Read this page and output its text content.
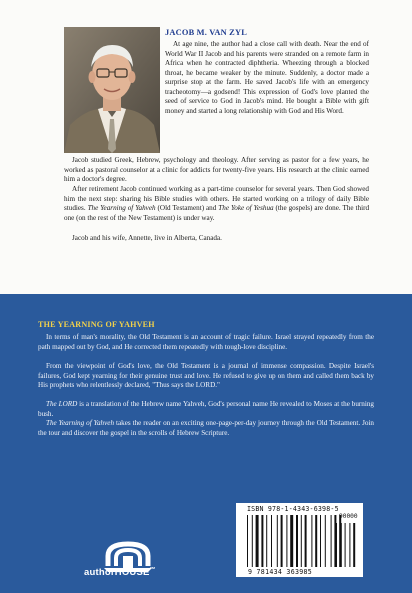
JACOB M. VAN ZYL

At age nine, the author had a close call with death. Near the end of World War II Jacob and his parents were stranded on a remote farm in Africa when he contracted diphtheria. Wheezing through a blocked throat, he became weaker by the minute. Suddenly, a doctor made a surprise stop at the farm. He saved Jacob's life with an emergency tracheotomy—a godsend! This expression of God's love planted the seed of service to God in Jacob's mind. He bought a Bible with gift money and started a long relationship with God and His Word.

Jacob studied Greek, Hebrew, psychology and theology. After serving as pastor for a few years, he worked as pastoral counselor at a clinic for addicts for twenty-five years. His research at the clinic earned him a doctor's degree.

After retirement Jacob continued working as a part-time counselor for several years. Then God showed him the next step: sharing his Bible studies with others. He started working on a trilogy of daily Bible studies. The Yearning of Yahveh (Old Testament) and The Yoke of Yeshua (the gospels) are done. The third one (on the rest of the New Testament) is under way.

Jacob and his wife, Annette, live in Alberta, Canada.

THE YEARNING OF YAHVEH

In terms of man's morality, the Old Testament is an account of tragic failure. Israel strayed repeatedly from the path mapped out by God, and He corrected them repeatedly with tough-love discipline.

From the viewpoint of God's love, the Old Testament is a journal of immense compassion. Despite Israel's failures, God kept yearning for their genuine trust and love. He refused to give up on them and called them back by His prophets who relentlessly declared, "Thus says the LORD."

The LORD is a translation of the Hebrew name Yahveh, God's personal name He revealed to Moses at the burning bush.

The Yearning of Yahveh takes the reader on an exciting one-page-per-day journey through the Old Testament. Join the tour and discover the gospel in the scrolls of Hebrew Scripture.

authorHOUSE™
ISBN 978-1-4343-6398-5
90000
9 781434 363985
